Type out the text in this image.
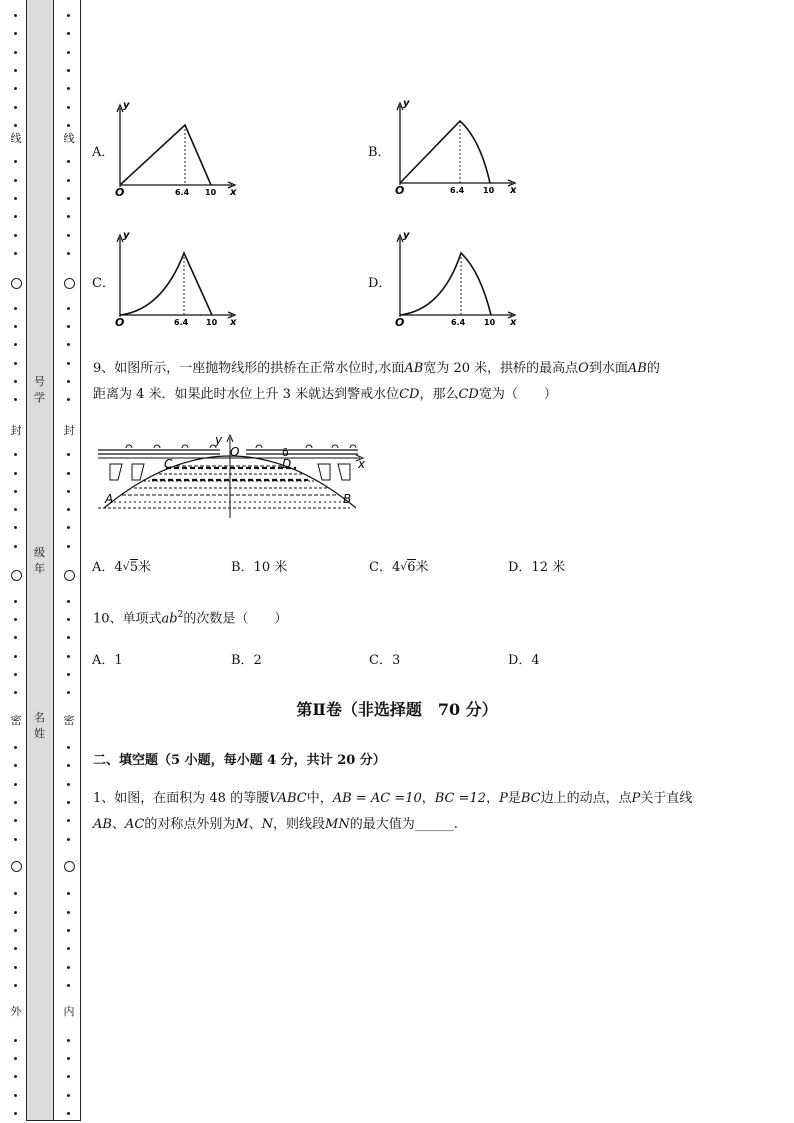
线
封
密
外
线
封
密
内
号
学
级
年
名
姓
A．	B．
C．	D．
y
x
O	6.4 10
y
x
O	6.4 10
y
x
O	6.4 10
y
x
O	6.4 10
9、如图所示，一座抛物线形的拱桥在正常水位时,水面AB宽为 20 米，拱桥的最高点O到水面AB的
距离为 4 米．如果此时水位上升 3 米就达到警戒水位CD，那么CD宽为（　　）
y
x
O	ō
C	D
A	B
A．4√5米	B．10 米	C．4√6米	D．12 米
10、单项式$ab^2$的次数是（　　）
A．1	B．2	C．3	D．4
第Ⅱ卷（非选择题　70 分）
二、填空题（5 小题，每小题 4 分，共计 20 分）
1、如图，在面积为 48 的等腰VABC中，AB = AC =10，BC =12，P是BC边上的动点，点P关于直线
AB、AC的对称点外别为M、N，则线段MN的最大值为______.
